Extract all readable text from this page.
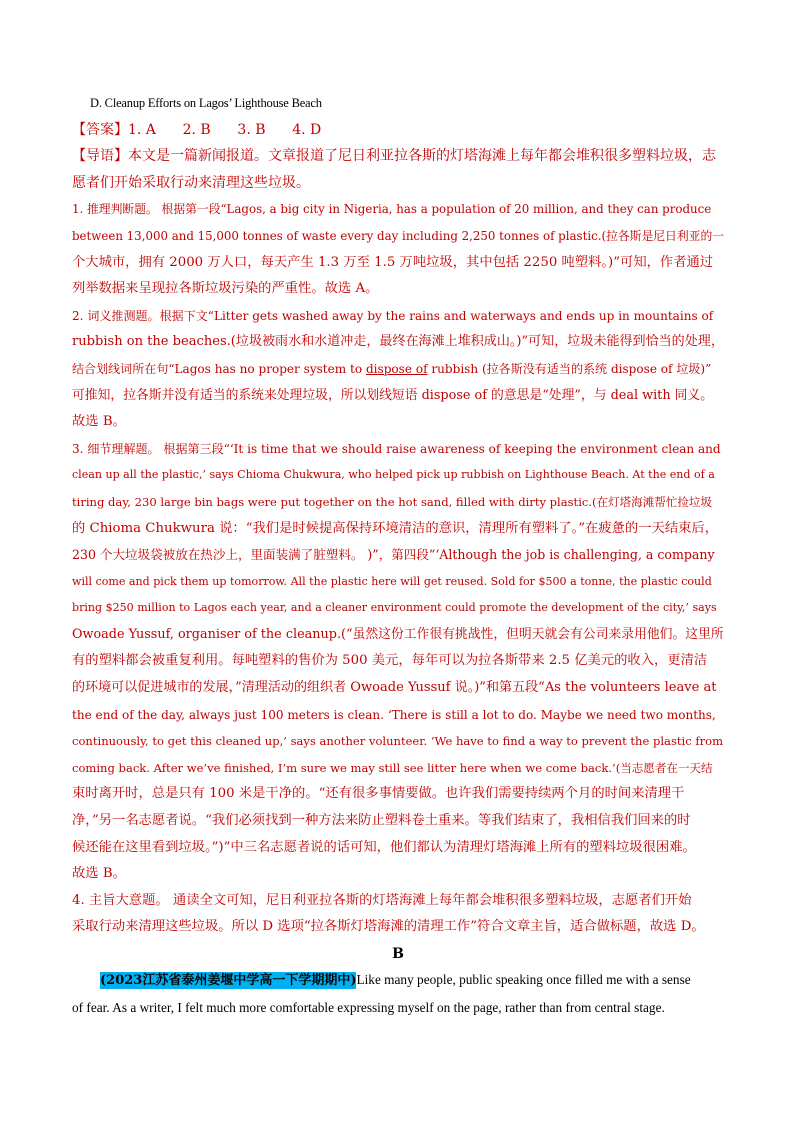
D. Cleanup Efforts on Lagos’ Lighthouse Beach

【答案】1. A      2. B      3. B      4. D

【导语】本文是一篇新闻报道。文章报道了尼日利亚拉各斯的灯塔海滩上每年都会堆积很多塑料垃圾，志
愿者们开始采取行动来清理这些垃圾。

1. 推理判断题。 根据第一段“Lagos, a big city in Nigeria, has a population of 20 million, and they can produce
between 13,000 and 15,000 tonnes of waste every day including 2,250 tonnes of plastic.(拉各斯是尼日利亚的一
个大城市，拥有 2000 万人口，每天产生 1.3 万至 1.5 万吨垃圾，其中包括 2250 吨塑料。)”可知，作者通过
列举数据来呈现拉各斯垃圾污染的严重性。故选 A。

2. 词义推测题。根据下文“Litter gets washed away by the rains and waterways and ends up in mountains of
rubbish on the beaches.(垃圾被雨水和水道冲走，最终在海滩上堆积成山。)”可知，垃圾未能得到恰当的处理，
结合划线词所在句“Lagos has no proper system to dispose of rubbish (拉各斯没有适当的系统 dispose of 垃圾)”
可推知，拉各斯并没有适当的系统来处理垃圾，所以划线短语 dispose of 的意思是“处理”，与 deal with 同义。
故选 B。

3. 细节理解题。 根据第三段“‘It is time that we should raise awareness of keeping the environment clean and
clean up all the plastic,’ says Chioma Chukwura, who helped pick up rubbish on Lighthouse Beach. At the end of a
tiring day, 230 large bin bags were put together on the hot sand, filled with dirty plastic.(在灯塔海滩帮忙捡垃圾
的 Chioma Chukwura 说：“我们是时候提高保持环境清洁的意识，清理所有塑料了。”在疲惫的一天结束后，
230 个大垃圾袋被放在热沙上，里面装满了脏塑料。 )”，第四段“‘Although the job is challenging, a company
will come and pick them up tomorrow. All the plastic here will get reused. Sold for $500 a tonne, the plastic could
bring $250 million to Lagos each year, and a cleaner environment could promote the development of the city,’ says
Owoade Yussuf, organiser of the cleanup.(“虽然这份工作很有挑战性，但明天就会有公司来录用他们。这里所
有的塑料都会被重复利用。每吨塑料的售价为 500 美元，每年可以为拉各斯带来 2.5 亿美元的收入，更清洁
的环境可以促进城市的发展，”清理活动的组织者 Owoade Yussuf 说。)”和第五段“As the volunteers leave at
the end of the day, always just 100 meters is clean. ‘There is still a lot to do. Maybe we need two months,
continuously, to get this cleaned up,’ says another volunteer. ‘We have to find a way to prevent the plastic from
coming back. After we’ve finished, I’m sure we may still see litter here when we come back.’(当志愿者在一天结
束时离开时，总是只有 100 米是干净的。“还有很多事情要做。也许我们需要持续两个月的时间来清理干
净，”另一名志愿者说。“我们必须找到一种方法来防止塑料卷土重来。等我们结束了，我相信我们回来的时
候还能在这里看到垃圾。”)”中三名志愿者说的话可知，他们都认为清理灯塔海滩上所有的塑料垃圾很困难。
故选 B。

4. 主旨大意题。 通读全文可知，尼日利亚拉各斯的灯塔海滩上每年都会堆积很多塑料垃圾，志愿者们开始
采取行动来清理这些垃圾。所以 D 选项“拉各斯灯塔海滩的清理工作”符合文章主旨，适合做标题，故选 D。

B

(2023江苏省泰州姜堰中学高一下学期期中)Like many people, public speaking once filled me with a sense
of fear. As a writer, I felt much more comfortable expressing myself on the page, rather than from central stage.
